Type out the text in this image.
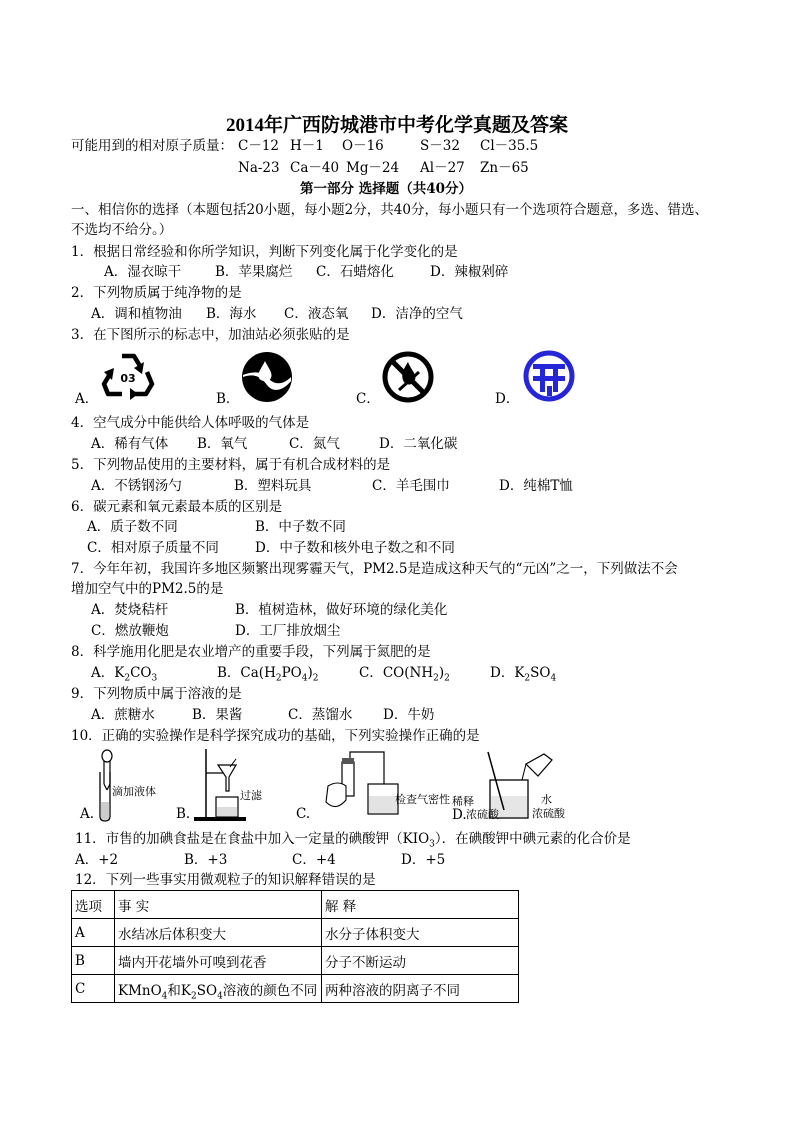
2014年广西防城港市中考化学真题及答案
可能用到的相对原子质量： C－12 H－1 O－16	S－32 Cl－35.5
Na-23 Ca－40 Mg－24 Al－27 Zn－65
第一部分 选择题（共40分）
一、相信你的选择（本题包括20小题，每小题2分，共40分，每小题只有一个选项符合题意，多选、错选、
不选均不给分。）
1．根据日常经验和你所学知识，判断下列变化属于化学变化的是
A．湿衣晾干	B．苹果腐烂 C．石蜡熔化	D．辣椒剁碎
2．下列物质属于纯净物的是
A．调和植物油 B．海水 C．液态氧 D．洁净的空气
3．在下图所示的标志中，加油站必须张贴的是
A．	B．	C．	D．
03
4．空气成分中能供给人体呼吸的气体是
A．稀有气体 B．氧气	C．氮气	D．二氧化碳
5．下列物品使用的主要材料，属于有机合成材料的是
A．不锈钢汤勺	B．塑料玩具	C．羊毛围巾	D．纯棉T恤
6．碳元素和氧元素最本质的区别是
A．质子数不同	B．中子数不同
C．相对原子质量不同	D．中子数和核外电子数之和不同
7．今年年初，我国许多地区频繁出现雾霾天气，PM2.5是造成这种天气的“元凶”之一，下列做法不会
增加空气中的PM2.5的是
A．焚烧秸杆	B．植树造林，做好环境的绿化美化
C．燃放鞭炮	D．工厂排放烟尘
8．科学施用化肥是农业增产的重要手段，下列属于氮肥的是
A．$K_2CO_3$	B．$Ca(H_2PO_4)_2$	C．$CO(NH_2)_2$	D．$K_2SO_4$
9．下列物质中属于溶液的是
A．蔗糖水	B．果酱	C．蒸馏水 D．牛奶
10．正确的实验操作是科学探究成功的基础，下列实验操作正确的是
滴加液体
A.
过滤
B.
检查气密性
C.
稀释
浓硫酸
水
浓硫酸
D.
11．市售的加碘食盐是在食盐中加入一定量的碘酸钾$(KIO_3)$．在碘酸钾中碘元素的化合价是
A．+2	B．+3	C．+4	D．+5
12．下列一些事实用微观粒子的知识解释错误的是
选项	事 实	解 释
A	水结冰后体积变大	水分子体积变大
B	墙内开花墙外可嗅到花香	分子不断运动
C	KMnO$_4$和$K_2SO_4$溶液的颜色不同	两种溶液的阴离子不同
